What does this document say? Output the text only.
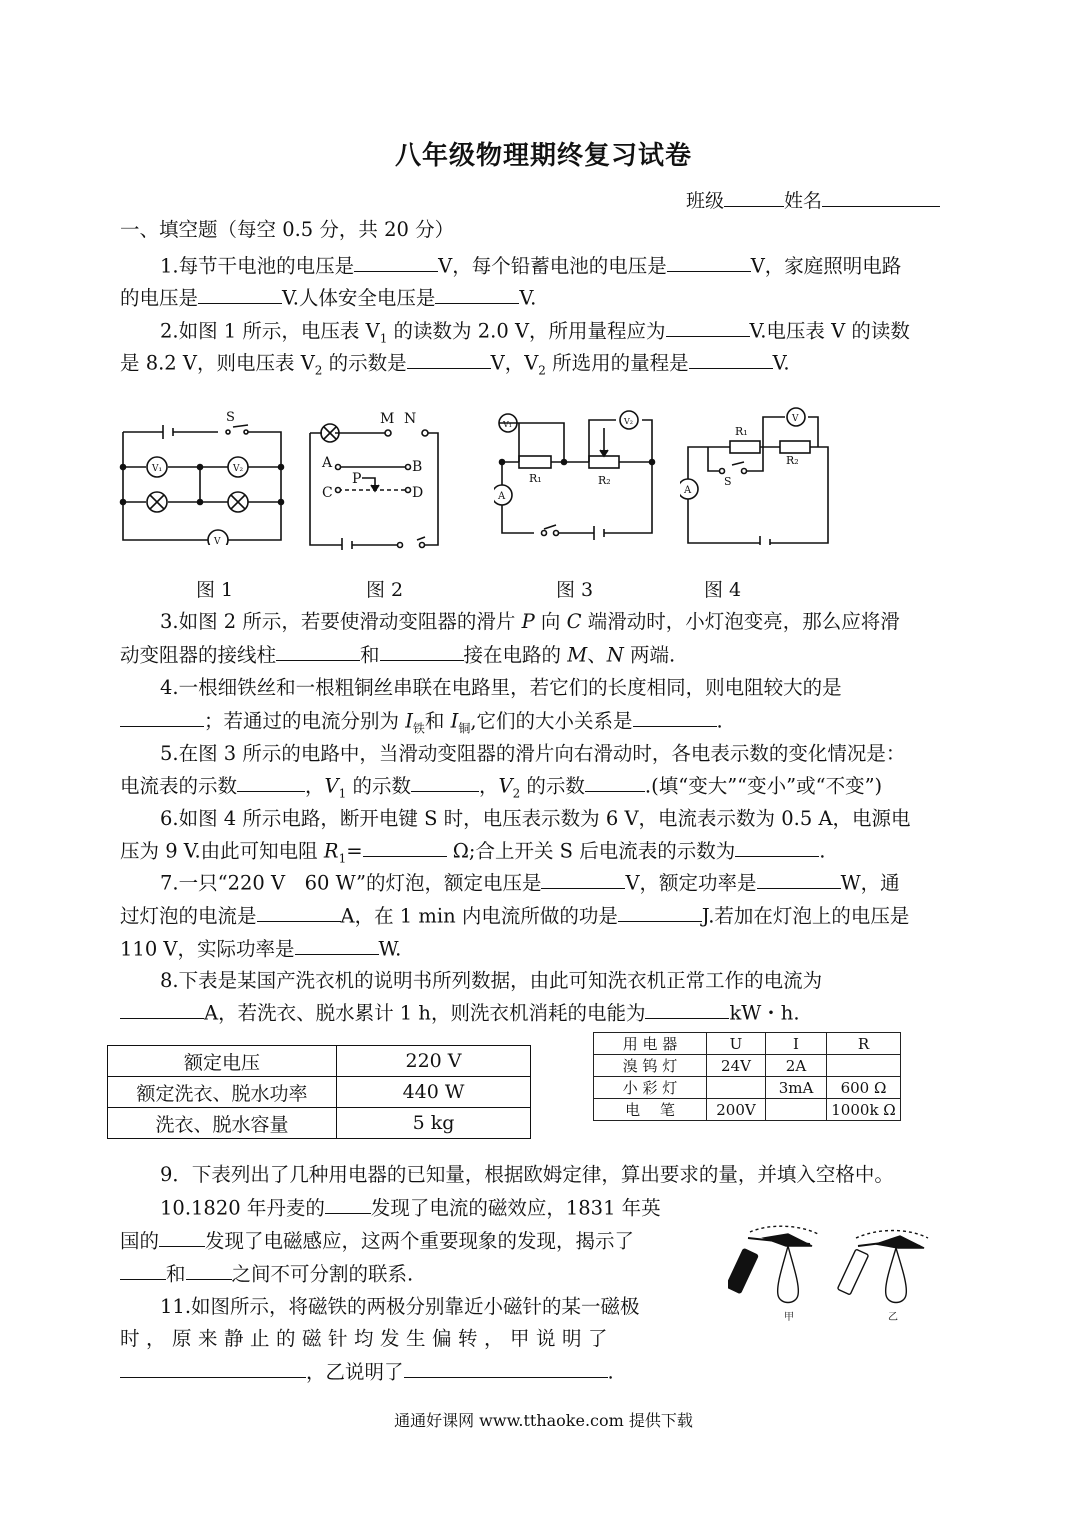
八年级物理期终复习试卷
班级	姓名
一、填空题（每空 0.5 分，共 20 分）
1.每节干电池的电压是	V，每个铅蓄电池的电压是	V，家庭照明电路
的电压是	V.人体安全电压是	V.
2.如图 1 所示，电压表 $V_1$ 的读数为 2.0 V，所用量程应为	V.电压表 V 的读数
是 8.2 V，则电压表 $V_2$ 的示数是	V，$V_2$ 所选用的量程是	V.
S
V₁	V₂
V
M N
A	B
C	D
P	R₁	R₂
A
V₁	V₂
R₁
R₂
S
A
V
图 1	图 2	图 3	图 4
3.如图 2 所示，若要使滑动变阻器的滑片 P 向 C 端滑动时，小灯泡变亮，那么应将滑
动变阻器的接线柱	和	接在电路的 M、N 两端.
4.一根细铁丝和一根粗铜丝串联在电路里，若它们的长度相同，则电阻较大的是
；若通过的电流分别为 $I_铁$和 $I_铜$,它们的大小关系是	.
5.在图 3 所示的电路中，当滑动变阻器的滑片向右滑动时，各电表示数的变化情况是：
电流表的示数	，$V_1$ 的示数	，$V_2$ 的示数	.(填“变大”“变小”或“不变”)
6.如图 4 所示电路，断开电键 S 时，电压表示数为 6 V，电流表示数为 0.5 A，电源电
压为 9 V.由此可知电阻 $R_1=$	Ω;合上开关 S 后电流表的示数为	.
7.一只“220 V　60 W”的灯泡，额定电压是	V，额定功率是	W，通
过灯泡的电流是	A，在 1 min 内电流所做的功是	J.若加在灯泡上的电压是
110 V，实际功率是	W.
8.下表是某国产洗衣机的说明书所列数据，由此可知洗衣机正常工作的电流为
A，若洗衣、脱水累计 1 h，则洗衣机消耗的电能为	kW・h.
额定电压	220 V
额定洗衣、脱水功率	440 W
洗衣、脱水容量	5 kg
用 电 器	U	I	R
溴 钨 灯	24V	2A	
小 彩 灯		3mA	600 Ω
电　 笔	200V		1000k Ω
9．下表列出了几种用电器的已知量，根据欧姆定律，算出要求的量，并填入空格中。
10.1820 年丹麦的 发现了电流的磁效应，1831 年英
国的 发现了电磁感应，这两个重要现象的发现，揭示了
和 之间不可分割的联系.
11.如图所示，将磁铁的两极分别靠近小磁针的某一磁极
时，原来静止的磁针均发生偏转，甲说明了
，乙说明了	.
甲	乙
通通好课网 www.tthaoke.com 提供下载
